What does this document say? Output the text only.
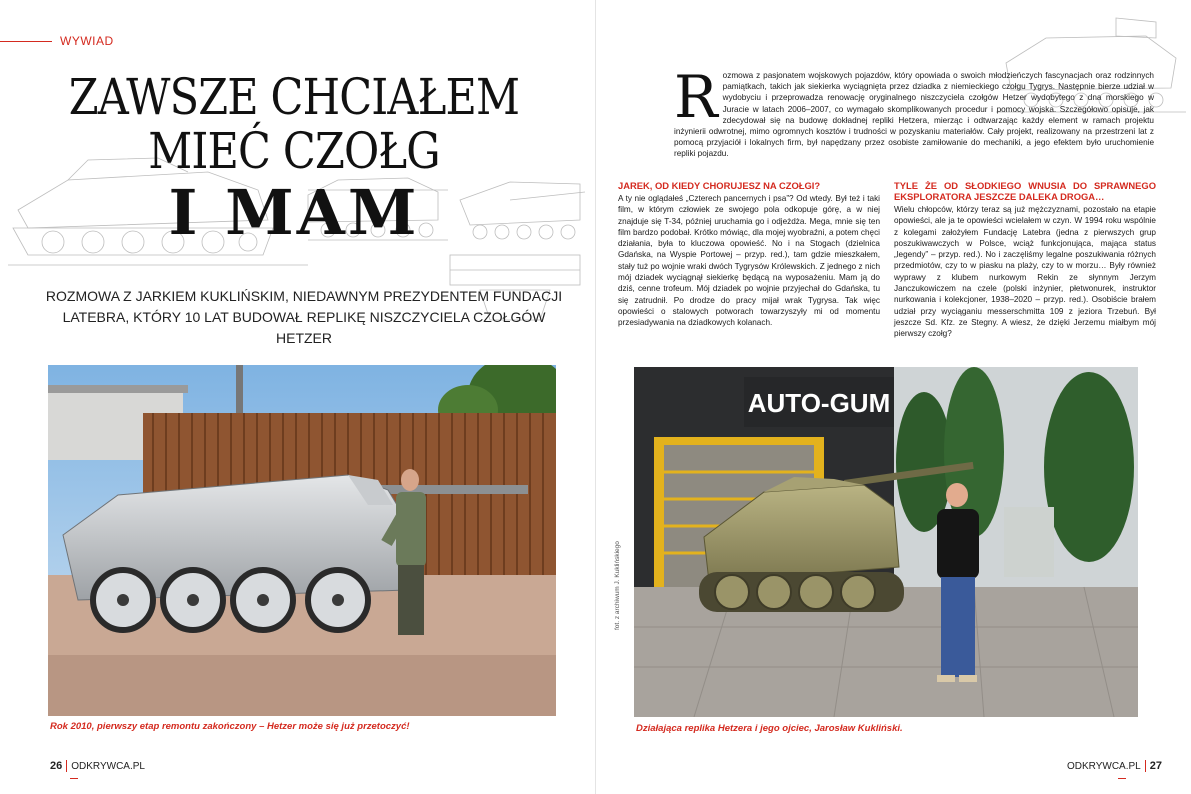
WYWIAD
ZAWSZE CHCIAŁEM
MIEĆ CZOŁG
I MAM
ROZMOWA Z JARKIEM KUKLIŃSKIM, NIEDAWNYM PREZYDENTEM FUNDACJI LATEBRA, KTÓRY 10 LAT BUDOWAŁ REPLIKĘ NISZCZYCIELA CZOŁGÓW HETZER
Rok 2010, pierwszy etap remontu zakończony – Hetzer może się już przetoczyć!
26 ODKRYWCA.PL
Rozmowa z pasjonatem wojskowych pojazdów, który opowiada o swoich młodzieńczych fascynacjach oraz rodzinnych pamiątkach, takich jak siekierka wyciągnięta przez dziadka z niemieckiego czołgu Tygrys. Następnie bierze udział w wydobyciu i przeprowadza renowację oryginalnego niszczyciela czołgów Hetzer wydobytego z dna morskiego w Juracie w latach 2006–2007, co wymagało skomplikowanych procedur i pomocy wojska. Szczegółowo opisuje, jak zdecydował się na budowę dokładnej repliki Hetzera, mierząc i odtwarzając każdy element w ramach projektu inżynierii odwrotnej, mimo ogromnych kosztów i trudności w pozyskaniu materiałów. Cały projekt, realizowany na przestrzeni lat z pomocą przyjaciół i lokalnych firm, był napędzany przez osobiste zamiłowanie do mechaniki, a jego efektem było uruchomienie repliki pojazdu.
JAREK, OD KIEDY CHORUJESZ NA CZOŁGI?

A ty nie oglądałeś „Czterech pancernych i psa”? Od wtedy. Był też i taki film, w którym człowiek ze swojego pola odkopuje górę, a w niej znajduje się T-34, później uruchamia go i odjeżdża. Mega, mnie się ten film bardzo podobał. Krótko mówiąc, dla mojej wyobraźni, a potem chęci działania, była to kluczowa opowieść. No i na Stogach (dzielnica Gdańska, na Wyspie Portowej – przyp. red.), tam gdzie mieszkałem, stały tuż po wojnie wraki dwóch Tygrysów Królewskich. Z jednego z nich mój dziadek wyciągnął siekierkę będącą na wyposażeniu. Mam ją do dziś, cenne trofeum. Mój dziadek po wojnie przyjechał do Gdańska, tu się zatrudnił. Po drodze do pracy mijał wrak Tygrysa. Tak więc opowieści o stalowych potworach towarzyszyły mi od momentu przesiadywania na dziadkowych kolanach.

TYLE ŻE OD SŁODKIEGO WNUSIA DO SPRAWNEGO EKSPLORATORA JESZCZE DALEKA DROGA…

Wielu chłopców, którzy teraz są już mężczyznami, pozostało na etapie opowieści, ale ja te opowieści wcielałem w czyn. W 1994 roku wspólnie z kolegami założyłem Fundację Latebra (jedna z pierwszych grup poszukiwawczych w Polsce, wciąż funkcjonująca, mająca status „legendy” – przyp. red.). No i zaczęliśmy legalne poszukiwania różnych przedmiotów, czy to w piasku na plaży, czy to w morzu… Były również wyprawy z klubem nurkowym Rekin ze słynnym Jerzym Janczukowiczem na czele (polski inżynier, płetwonurek, instruktor nurkowania i kolekcjoner, 1938–2020 – przyp. red.). Osobiście brałem udział przy wyciąganiu messerschmitta 109 z jeziora Trzebuń. Był jeszcze Sd. Kfz. ze Stegny. A wiesz, że dzięki Jerzemu miałbym mój pierwszy czołg?

AUTO-GUM
fot. z archiwum J. Kuklińskiego
Działająca replika Hetzera i jego ojciec, Jarosław Kukliński.
ODKRYWCA.PL 27
